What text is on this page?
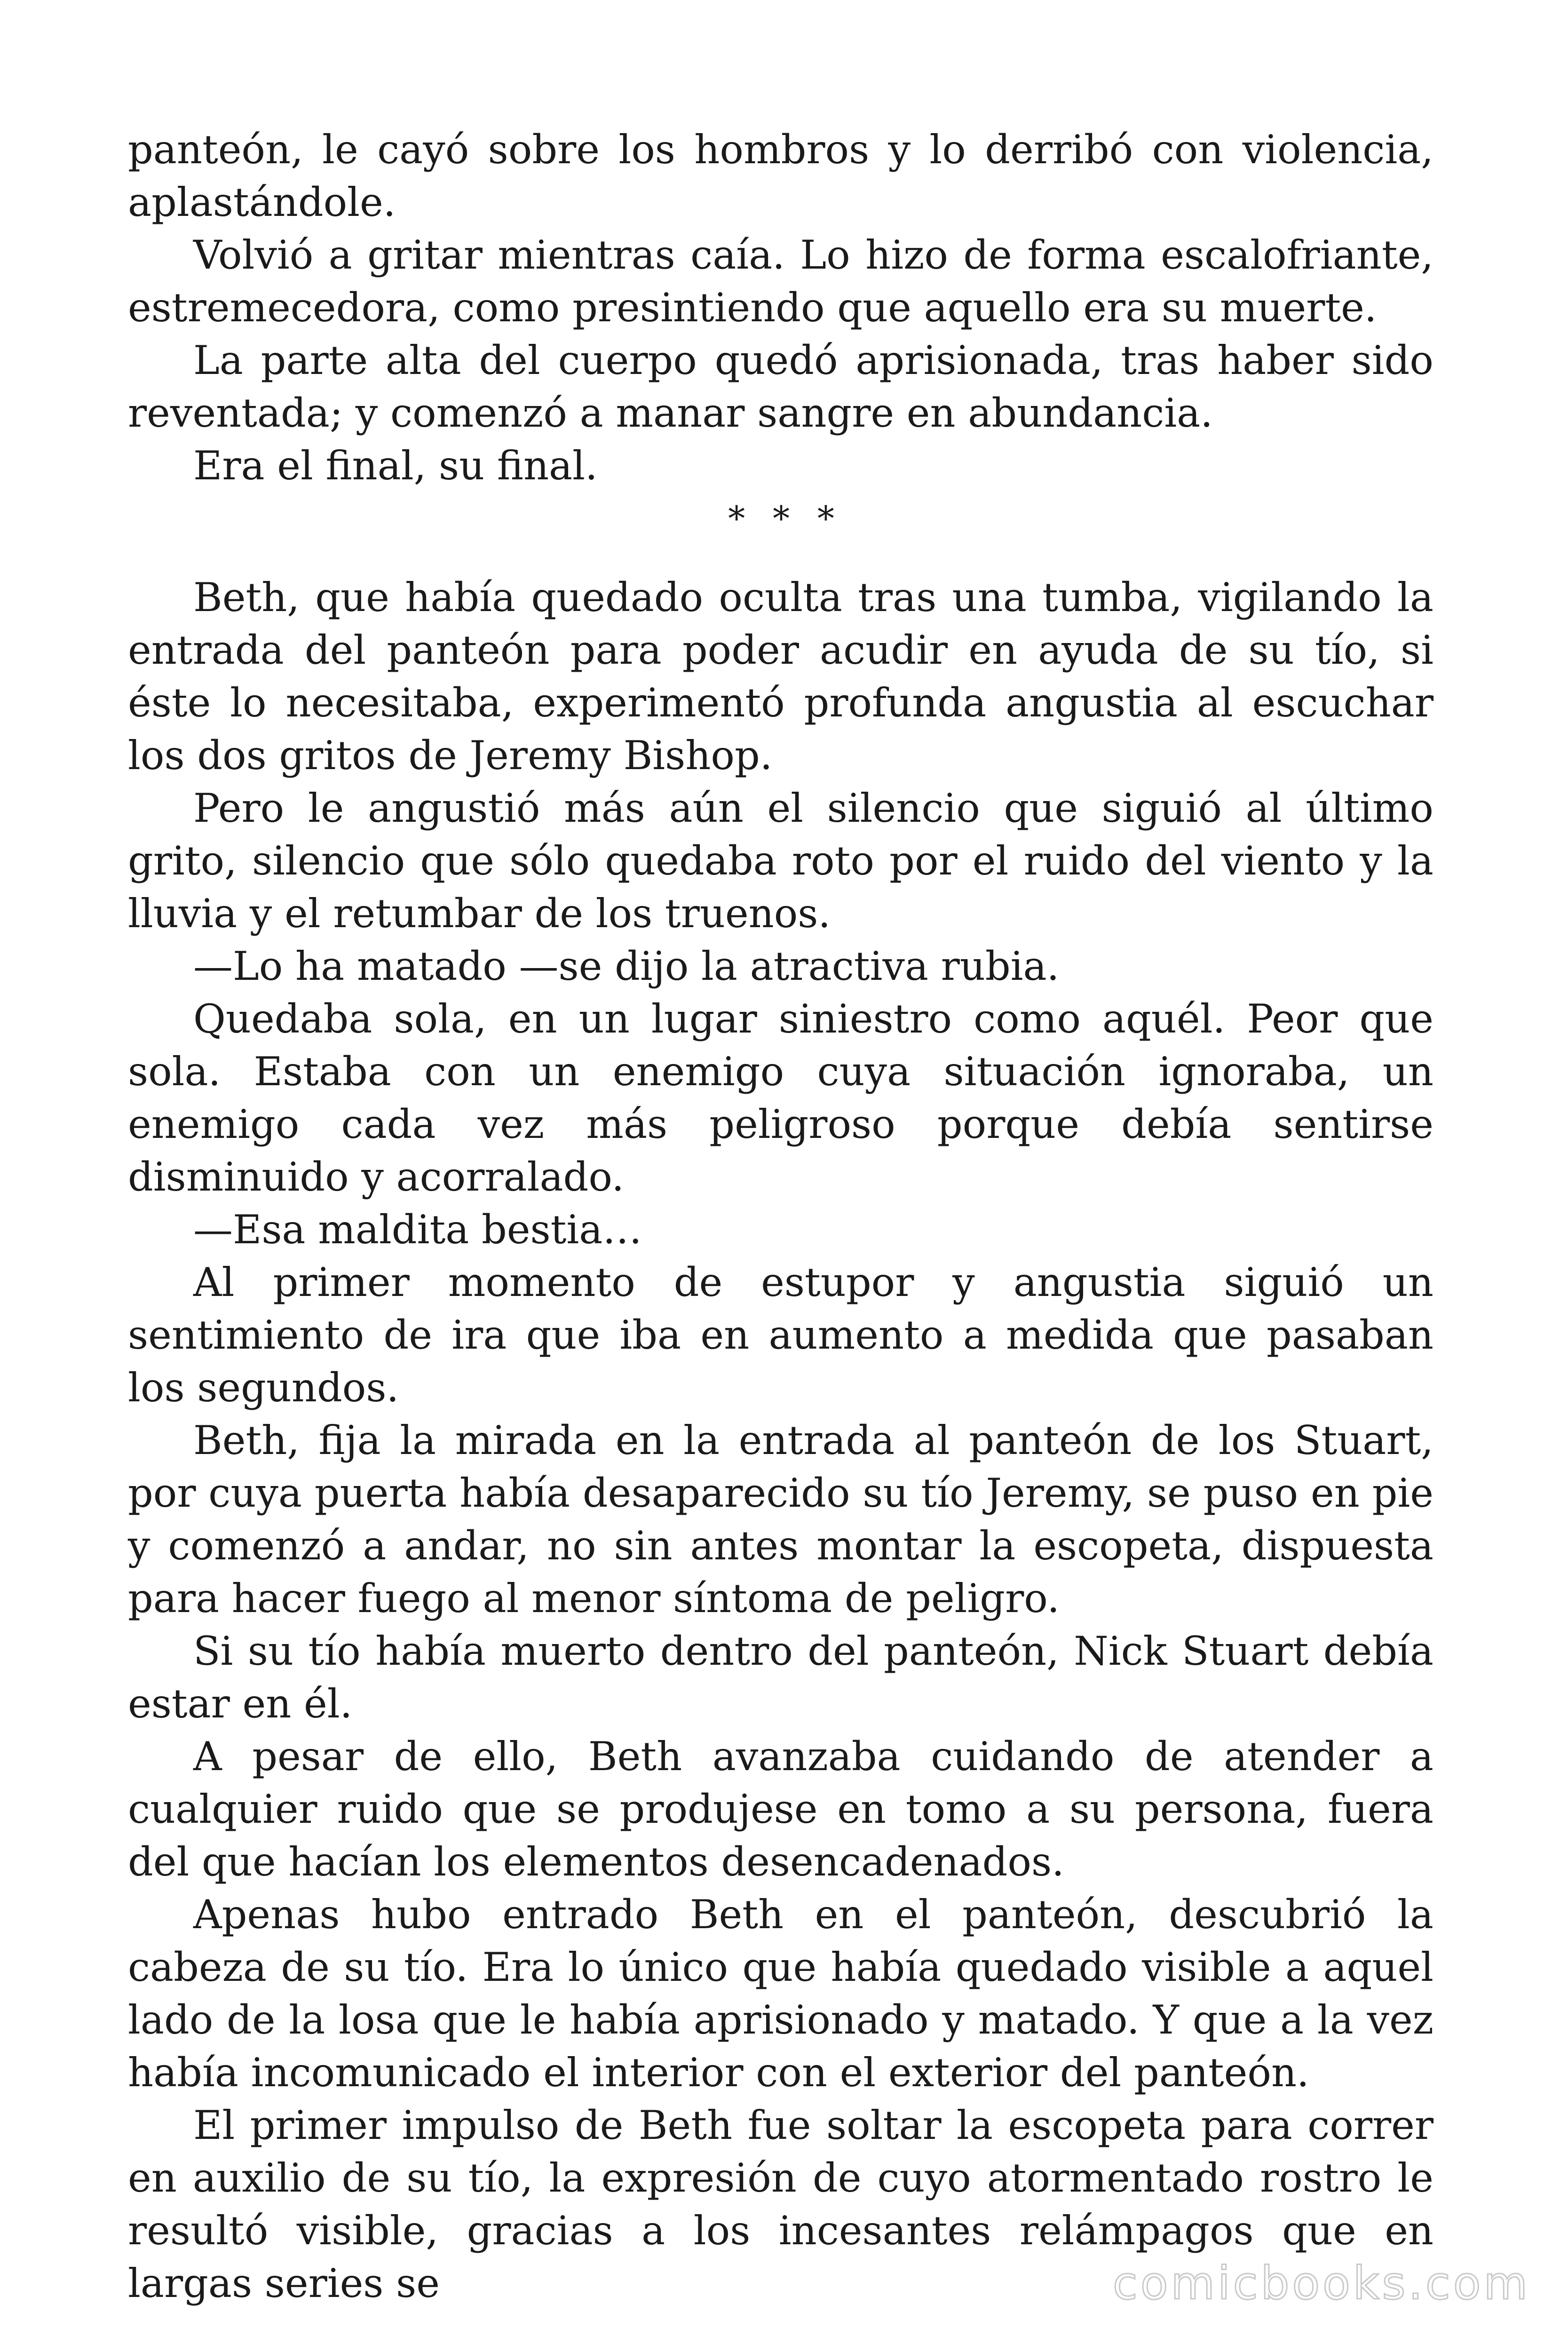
panteón, le cayó sobre los hombros y lo derribó con violencia, aplastándole.

Volvió a gritar mientras caía. Lo hizo de forma escalofriante, estremecedora, como presintiendo que aquello era su muerte.

La parte alta del cuerpo quedó aprisionada, tras haber sido reventada; y comenzó a manar sangre en abundancia.

Era el final, su final.

* * *

Beth, que había quedado oculta tras una tumba, vigilando la entrada del panteón para poder acudir en ayuda de su tío, si éste lo necesitaba, experimentó profunda angustia al escuchar los dos gritos de Jeremy Bishop.

Pero le angustió más aún el silencio que siguió al último grito, silencio que sólo quedaba roto por el ruido del viento y la lluvia y el retumbar de los truenos.

—Lo ha matado —se dijo la atractiva rubia.

Quedaba sola, en un lugar siniestro como aquél. Peor que sola. Estaba con un enemigo cuya situación ignoraba, un enemigo cada vez más peligroso porque debía sentirse disminuido y acorralado.

—Esa maldita bestia…

Al primer momento de estupor y angustia siguió un sentimiento de ira que iba en aumento a medida que pasaban los segundos.

Beth, fija la mirada en la entrada al panteón de los Stuart, por cuya puerta había desaparecido su tío Jeremy, se puso en pie y comenzó a andar, no sin antes montar la escopeta, dispuesta para hacer fuego al menor síntoma de peligro.

Si su tío había muerto dentro del panteón, Nick Stuart debía estar en él.

A pesar de ello, Beth avanzaba cuidando de atender a cualquier ruido que se produjese en tomo a su persona, fuera del que hacían los elementos desencadenados.

Apenas hubo entrado Beth en el panteón, descubrió la cabeza de su tío. Era lo único que había quedado visible a aquel lado de la losa que le había aprisionado y matado. Y que a la vez había incomunicado el interior con el exterior del panteón.

El primer impulso de Beth fue soltar la escopeta para correr en auxilio de su tío, la expresión de cuyo atormentado rostro le resultó visible, gracias a los incesantes relámpagos que en largas series se	comicbooks.com
